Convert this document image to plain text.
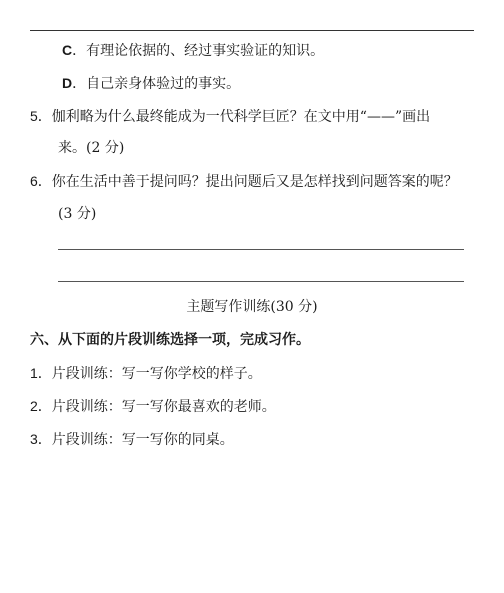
C．有理论依据的、经过事实验证的知识。
D．自己亲身体验过的事实。
5．伽利略为什么最终能成为一代科学巨匠？在文中用“——”画出
来。(2 分)
6．你在生活中善于提问吗？提出问题后又是怎样找到问题答案的呢？
(3 分)
主题写作训练(30 分)
六、从下面的片段训练选择一项，完成习作。
1．片段训练：写一写你学校的样子。
2．片段训练：写一写你最喜欢的老师。
3．片段训练：写一写你的同桌。
